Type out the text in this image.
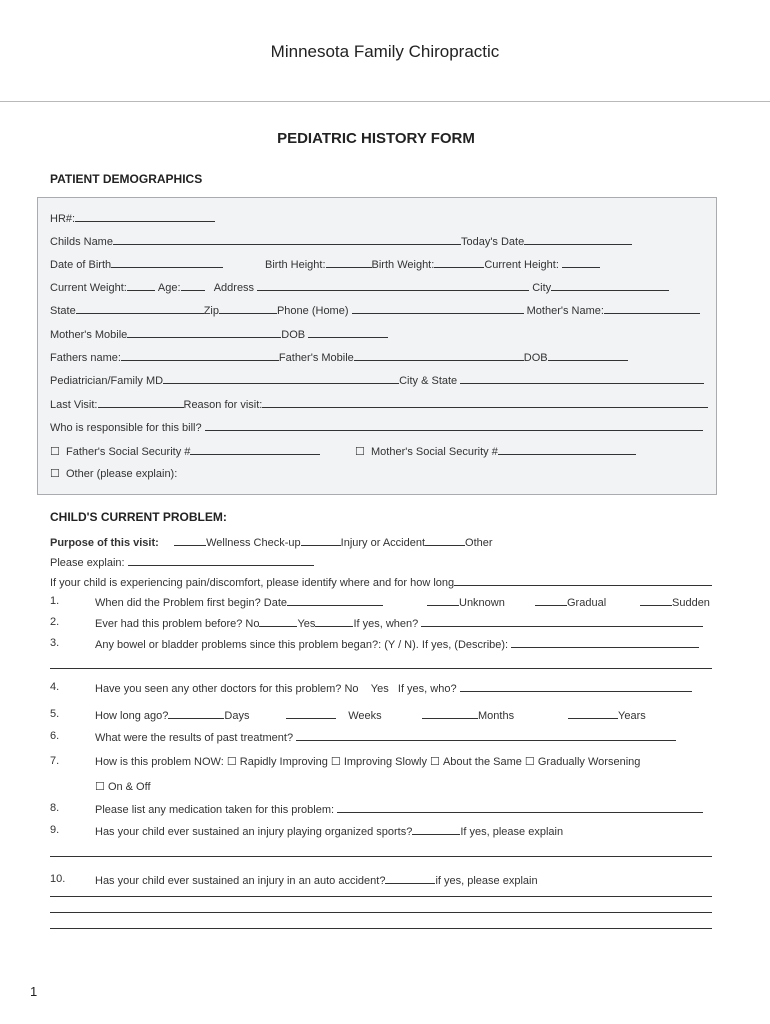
Minnesota Family Chiropractic
PEDIATRIC HISTORY FORM
PATIENT DEMOGRAPHICS
HR#:
Childs Name	Today's Date
Date of Birth	Birth Height:	Birth Weight:	Current Height:
Current Weight:	Age:	Address	City
State	Zip	Phone (Home)	Mother's Name:
Mother's Mobile	DOB
Fathers name:	Father's Mobile	DOB
Pediatrician/Family MD	City & State
Last Visit:	Reason for visit:
Who is responsible for this bill?
☐ Father's Social Security #	☐ Mother's Social Security #
☐ Other (please explain):
CHILD'S CURRENT PROBLEM:
Purpose of this visit:	Wellness Check-up	Injury or Accident	Other
Please explain:
If your child is experiencing pain/discomfort, please identify where and for how long
1.	When did the Problem first begin? Date	Unknown	Gradual	Sudden
2.	Ever had this problem before? No	Yes	If yes, when?
3.	Any bowel or bladder problems since this problem began?: (Y / N). If yes, (Describe):
4.	Have you seen any other doctors for this problem? No Yes If yes, who?
5.	How long ago?	Days	Weeks	Months	Years
6.	What were the results of past treatment?
7.	How is this problem NOW: ☐ Rapidly Improving ☐ Improving Slowly ☐ About the Same ☐ Gradually Worsening
☐ On & Off
8.	Please list any medication taken for this problem:
9.	Has your child ever sustained an injury playing organized sports?	If yes, please explain
10.	Has your child ever sustained an injury in an auto accident?	if yes, please explain
1
